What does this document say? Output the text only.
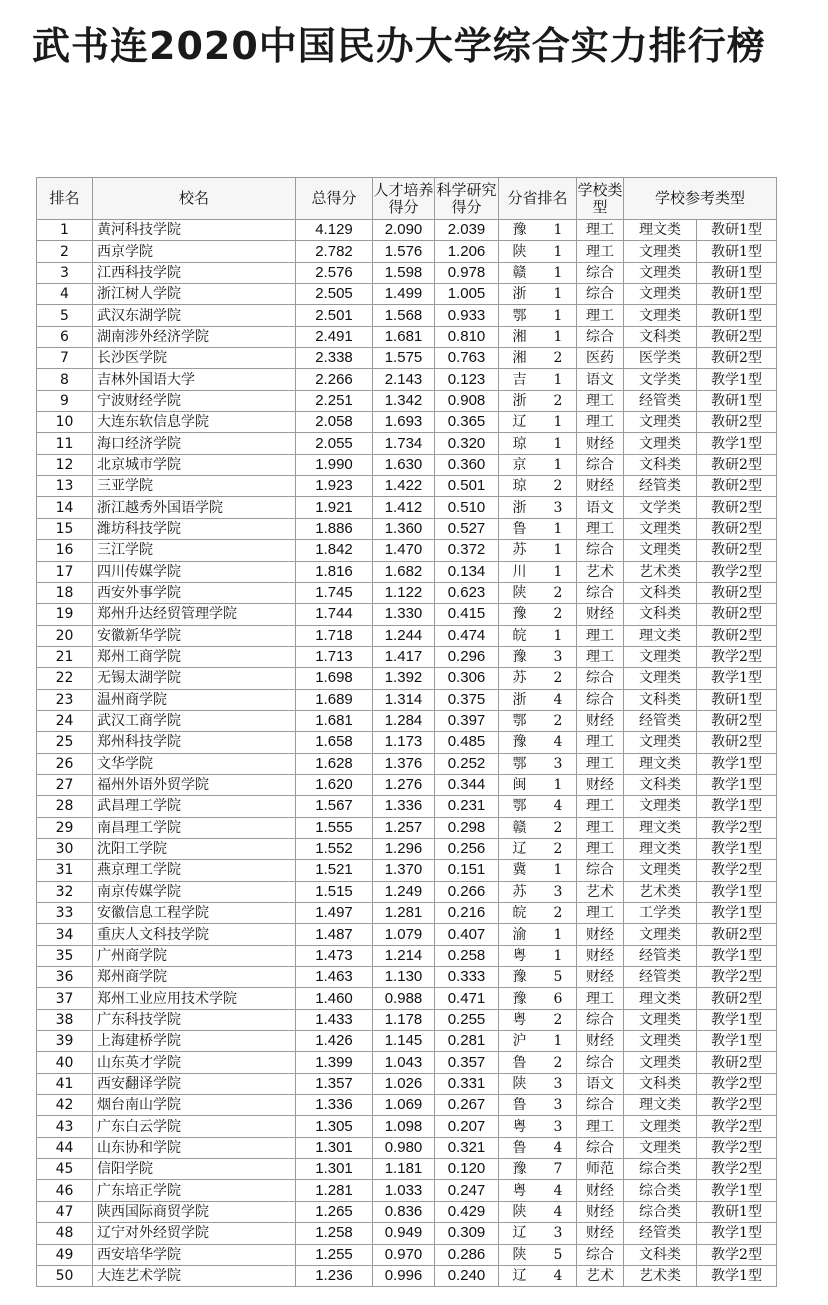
武书连2020中国民办大学综合实力排行榜
排名	校名	总得分	人才培养得分	科学研究得分	分省排名	学校类型	学校参考类型	
1	黄河科技学院	4.129	2.090	2.039	豫 1	理工	理文类	教研1型
2	西京学院	2.782	1.576	1.206	陕 1	理工	文理类	教研1型
3	江西科技学院	2.576	1.598	0.978	赣 1	综合	文理类	教研1型
4	浙江树人学院	2.505	1.499	1.005	浙 1	综合	文理类	教研1型
5	武汉东湖学院	2.501	1.568	0.933	鄂 1	理工	文理类	教研1型
6	湖南涉外经济学院	2.491	1.681	0.810	湘 1	综合	文科类	教研2型
7	长沙医学院	2.338	1.575	0.763	湘 2	医药	医学类	教研2型
8	吉林外国语大学	2.266	2.143	0.123	吉 1	语文	文学类	教学1型
9	宁波财经学院	2.251	1.342	0.908	浙 2	理工	经管类	教研1型
10	大连东软信息学院	2.058	1.693	0.365	辽 1	理工	文理类	教研2型
11	海口经济学院	2.055	1.734	0.320	琼 1	财经	文理类	教学1型
12	北京城市学院	1.990	1.630	0.360	京 1	综合	文科类	教研2型
13	三亚学院	1.923	1.422	0.501	琼 2	财经	经管类	教研2型
14	浙江越秀外国语学院	1.921	1.412	0.510	浙 3	语文	文学类	教研2型
15	潍坊科技学院	1.886	1.360	0.527	鲁 1	理工	文理类	教研2型
16	三江学院	1.842	1.470	0.372	苏 1	综合	文理类	教研2型
17	四川传媒学院	1.816	1.682	0.134	川 1	艺术	艺术类	教学2型
18	西安外事学院	1.745	1.122	0.623	陕 2	综合	文科类	教研2型
19	郑州升达经贸管理学院	1.744	1.330	0.415	豫 2	财经	文科类	教研2型
20	安徽新华学院	1.718	1.244	0.474	皖 1	理工	理文类	教研2型
21	郑州工商学院	1.713	1.417	0.296	豫 3	理工	文理类	教学2型
22	无锡太湖学院	1.698	1.392	0.306	苏 2	综合	文理类	教学1型
23	温州商学院	1.689	1.314	0.375	浙 4	综合	文科类	教研1型
24	武汉工商学院	1.681	1.284	0.397	鄂 2	财经	经管类	教研2型
25	郑州科技学院	1.658	1.173	0.485	豫 4	理工	文理类	教研2型
26	文华学院	1.628	1.376	0.252	鄂 3	理工	理文类	教学1型
27	福州外语外贸学院	1.620	1.276	0.344	闽 1	财经	文科类	教学1型
28	武昌理工学院	1.567	1.336	0.231	鄂 4	理工	文理类	教学1型
29	南昌理工学院	1.555	1.257	0.298	赣 2	理工	理文类	教学2型
30	沈阳工学院	1.552	1.296	0.256	辽 2	理工	理文类	教学1型
31	燕京理工学院	1.521	1.370	0.151	冀 1	综合	文理类	教学2型
32	南京传媒学院	1.515	1.249	0.266	苏 3	艺术	艺术类	教学1型
33	安徽信息工程学院	1.497	1.281	0.216	皖 2	理工	工学类	教学1型
34	重庆人文科技学院	1.487	1.079	0.407	渝 1	财经	文理类	教研2型
35	广州商学院	1.473	1.214	0.258	粤 1	财经	经管类	教学1型
36	郑州商学院	1.463	1.130	0.333	豫 5	财经	经管类	教学2型
37	郑州工业应用技术学院	1.460	0.988	0.471	豫 6	理工	理文类	教研2型
38	广东科技学院	1.433	1.178	0.255	粤 2	综合	文理类	教学1型
39	上海建桥学院	1.426	1.145	0.281	沪 1	财经	文理类	教学1型
40	山东英才学院	1.399	1.043	0.357	鲁 2	综合	文理类	教研2型
41	西安翻译学院	1.357	1.026	0.331	陕 3	语文	文科类	教学2型
42	烟台南山学院	1.336	1.069	0.267	鲁 3	综合	理文类	教学2型
43	广东白云学院	1.305	1.098	0.207	粤 3	理工	文理类	教学2型
44	山东协和学院	1.301	0.980	0.321	鲁 4	综合	文理类	教学2型
45	信阳学院	1.301	1.181	0.120	豫 7	师范	综合类	教学2型
46	广东培正学院	1.281	1.033	0.247	粤 4	财经	综合类	教学1型
47	陕西国际商贸学院	1.265	0.836	0.429	陕 4	财经	综合类	教研1型
48	辽宁对外经贸学院	1.258	0.949	0.309	辽 3	财经	经管类	教学1型
49	西安培华学院	1.255	0.970	0.286	陕 5	综合	文科类	教学2型
50	大连艺术学院	1.236	0.996	0.240	辽 4	艺术	艺术类	教学1型
